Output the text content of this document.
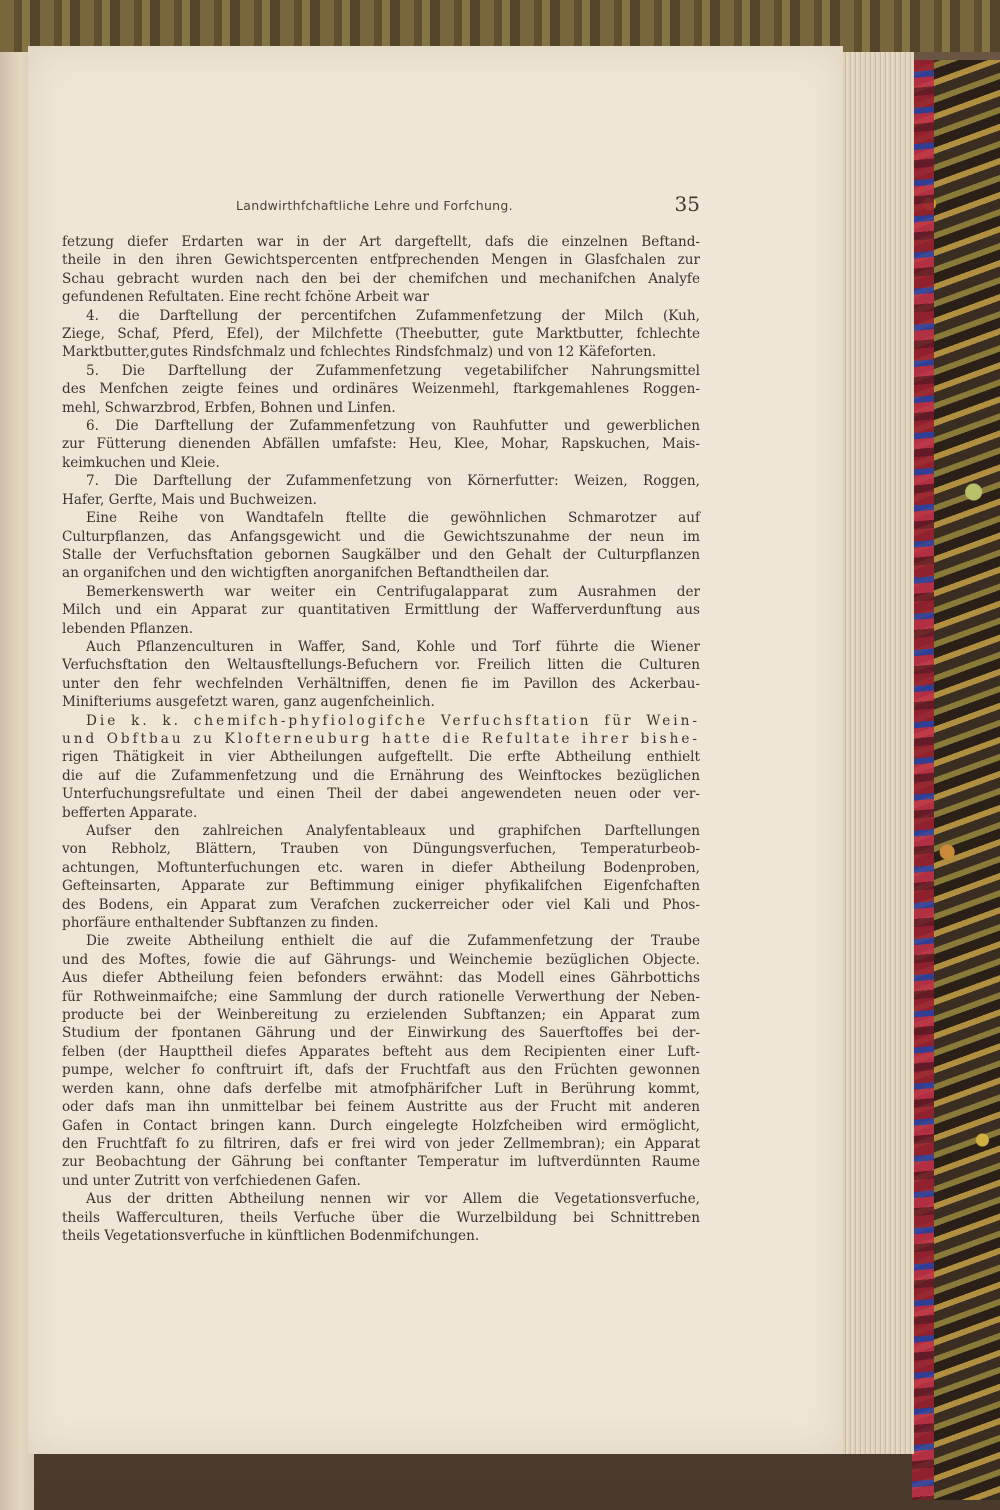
Landwirthfchaftliche Lehre und Forfchung.	35

fetzung diefer Erdarten war in der Art dargeftellt, dafs die einzelnen Beftand-

theile in den ihren Gewichtspercenten entfprechenden Mengen in Glasfchalen zur

Schau gebracht wurden nach den bei der chemifchen und mechanifchen Analyfe

gefundenen Refultaten. Eine recht fchöne Arbeit war

4. die Darftellung der percentifchen Zufammenfetzung der Milch (Kuh,

Ziege, Schaf, Pferd, Efel), der Milchfette (Theebutter, gute Marktbutter, fchlechte

Marktbutter,gutes Rindsfchmalz und fchlechtes Rindsfchmalz) und von 12 Käfeforten.

5. Die Darftellung der Zufammenfetzung vegetabilifcher Nahrungsmittel

des Menfchen zeigte feines und ordinäres Weizenmehl, ftarkgemahlenes Roggen-

mehl, Schwarzbrod, Erbfen, Bohnen und Linfen.

6. Die Darftellung der Zufammenfetzung von Rauhfutter und gewerblichen

zur Fütterung dienenden Abfällen umfafste: Heu, Klee, Mohar, Rapskuchen, Mais-

keimkuchen und Kleie.

7. Die Darftellung der Zufammenfetzung von Körnerfutter: Weizen, Roggen,

Hafer, Gerfte, Mais und Buchweizen.

Eine Reihe von Wandtafeln ftellte die gewöhnlichen Schmarotzer auf

Culturpflanzen, das Anfangsgewicht und die Gewichtszunahme der neun im

Stalle der Verfuchsftation gebornen Saugkälber und den Gehalt der Culturpflanzen

an organifchen und den wichtigften anorganifchen Beftandtheilen dar.

Bemerkenswerth war weiter ein Centrifugalapparat zum Ausrahmen der

Milch und ein Apparat zur quantitativen Ermittlung der Wafferverdunftung aus

lebenden Pflanzen.

Auch Pflanzenculturen in Waffer, Sand, Kohle und Torf führte die Wiener

Verfuchsftation den Weltausftellungs-Befuchern vor. Freilich litten die Culturen

unter den fehr wechfelnden Verhältniffen, denen fie im Pavillon des Ackerbau-

Minifteriums ausgefetzt waren, ganz augenfcheinlich.

Die k. k. chemifch-phyfiologifche Verfuchsftation für Wein-

und Obftbau zu Klofterneuburg hatte die Refultate ihrer bishe-

rigen Thätigkeit in vier Abtheilungen aufgeftellt. Die erfte Abtheilung enthielt

die auf die Zufammenfetzung und die Ernährung des Weinftockes bezüglichen

Unterfuchungsrefultate und einen Theil der dabei angewendeten neuen oder ver-

befferten Apparate.

Aufser den zahlreichen Analyfentableaux und graphifchen Darftellungen

von Rebholz, Blättern, Trauben von Düngungsverfuchen, Temperaturbeob-

achtungen, Moftunterfuchungen etc. waren in diefer Abtheilung Bodenproben,

Gefteinsarten, Apparate zur Beftimmung einiger phyfikalifchen Eigenfchaften

des Bodens, ein Apparat zum Verafchen zuckerreicher oder viel Kali und Phos-

phorfäure enthaltender Subftanzen zu finden.

Die zweite Abtheilung enthielt die auf die Zufammenfetzung der Traube

und des Moftes, fowie die auf Gährungs- und Weinchemie bezüglichen Objecte.

Aus diefer Abtheilung feien befonders erwähnt: das Modell eines Gährbottichs

für Rothweinmaifche; eine Sammlung der durch rationelle Verwerthung der Neben-

producte bei der Weinbereitung zu erzielenden Subftanzen; ein Apparat zum

Studium der fpontanen Gährung und der Einwirkung des Sauerftoffes bei der-

felben (der Haupttheil diefes Apparates befteht aus dem Recipienten einer Luft-

pumpe, welcher fo conftruirt ift, dafs der Fruchtfaft aus den Früchten gewonnen

werden kann, ohne dafs derfelbe mit atmofphärifcher Luft in Berührung kommt,

oder dafs man ihn unmittelbar bei feinem Austritte aus der Frucht mit anderen

Gafen in Contact bringen kann. Durch eingelegte Holzfcheiben wird ermöglicht,

den Fruchtfaft fo zu filtriren, dafs er frei wird von jeder Zellmembran); ein Apparat

zur Beobachtung der Gährung bei conftanter Temperatur im luftverdünnten Raume

und unter Zutritt von verfchiedenen Gafen.

Aus der dritten Abtheilung nennen wir vor Allem die Vegetationsverfuche,

theils Wafferculturen, theils Verfuche über die Wurzelbildung bei Schnittreben

theils Vegetationsverfuche in künftlichen Bodenmifchungen.
